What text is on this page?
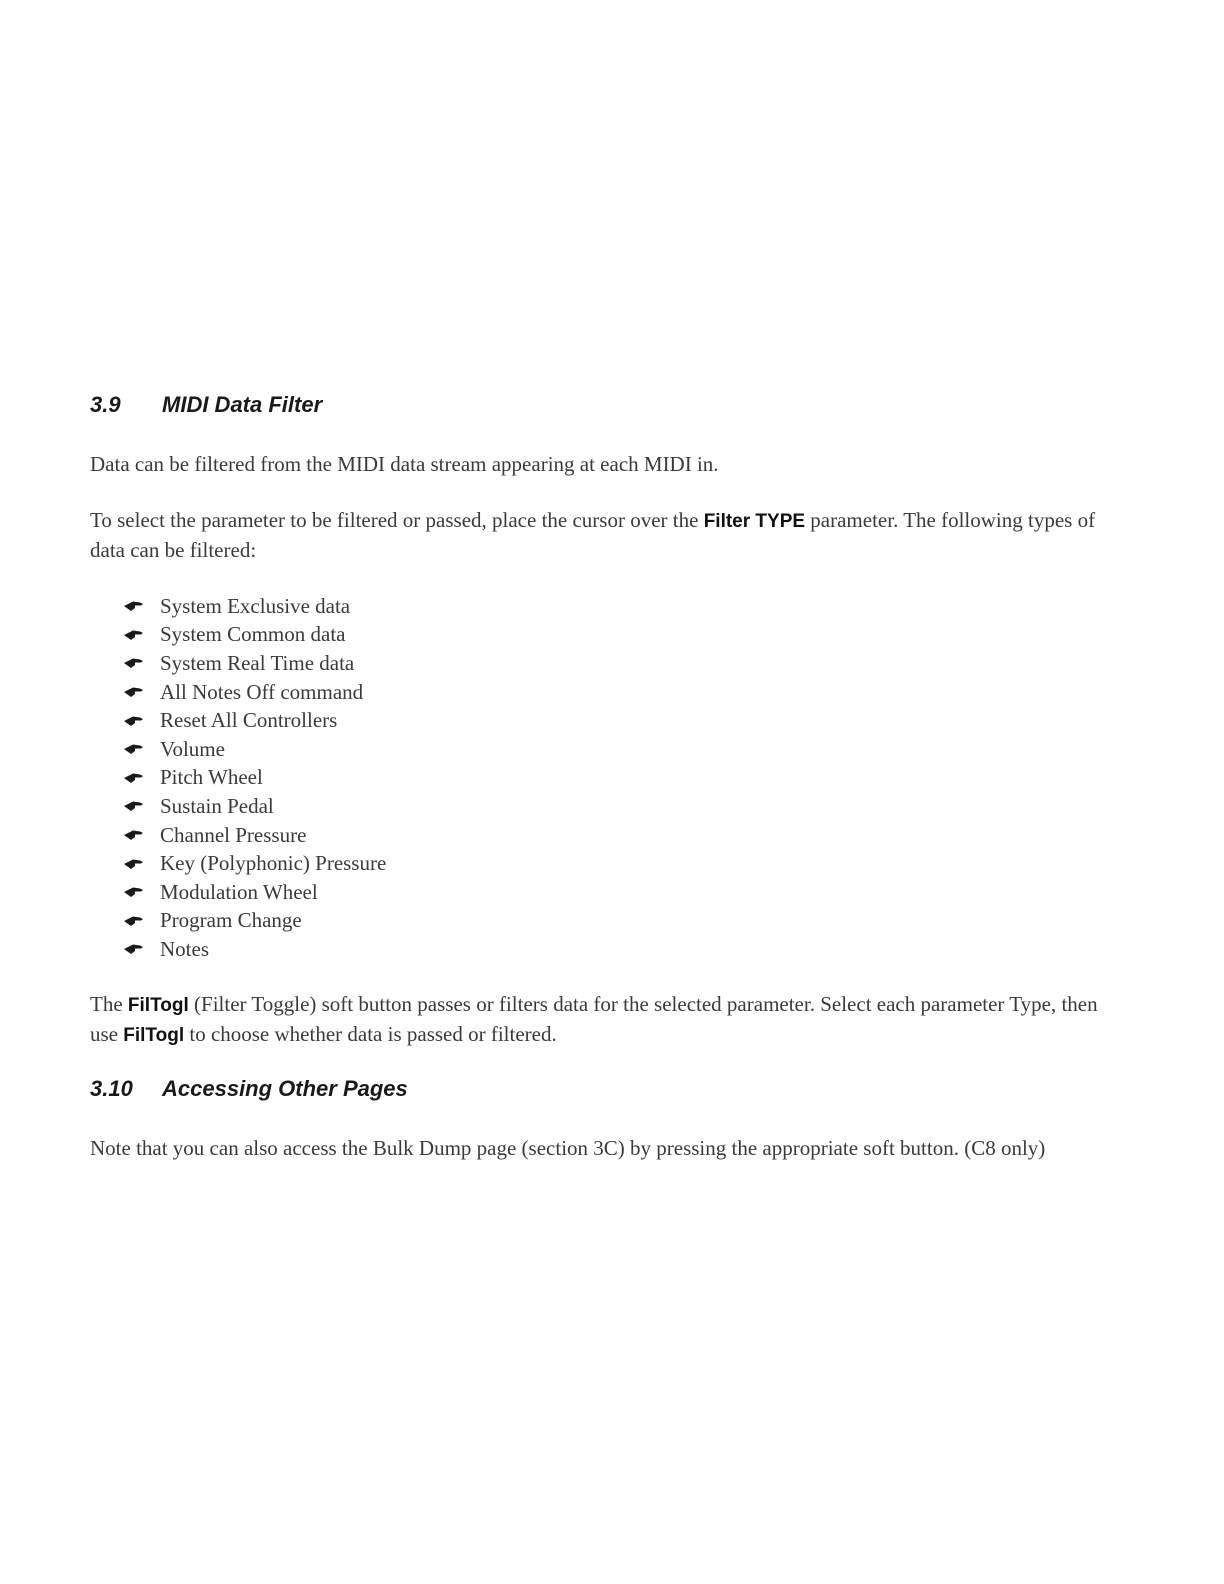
3.9 MIDI Data Filter

Data can be filtered from the MIDI data stream appearing at each MIDI in.

To select the parameter to be filtered or passed, place the cursor over the Filter TYPE parameter. The following types of data can be filtered:

System Exclusive data
System Common data
System Real Time data
All Notes Off command
Reset All Controllers
Volume
Pitch Wheel
Sustain Pedal
Channel Pressure
Key (Polyphonic) Pressure
Modulation Wheel
Program Change
Notes

The FilTogl (Filter Toggle) soft button passes or filters data for the selected parameter. Select each parameter Type, then use FilTogl to choose whether data is passed or filtered.

3.10 Accessing Other Pages

Note that you can also access the Bulk Dump page (section 3C) by pressing the appropriate soft button. (C8 only)
